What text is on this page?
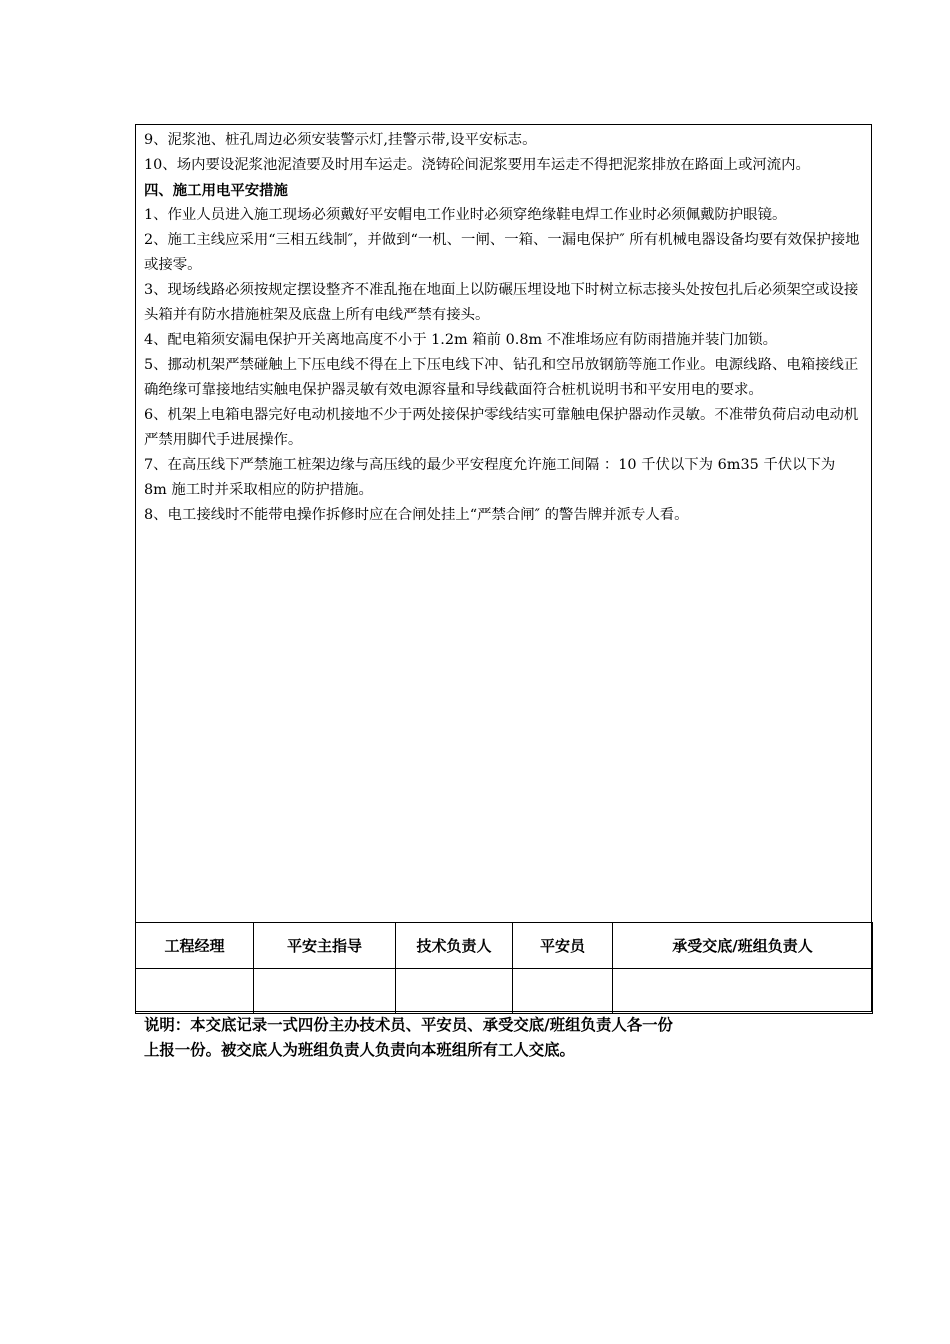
9、泥浆池、桩孔周边必须安装警示灯,挂警示带,设平安标志。

10、场内要设泥浆池泥渣要及时用车运走。浇铸砼间泥浆要用车运走不得把泥浆排放在路面上或河流内。

四、施工用电平安措施

1、作业人员进入施工现场必须戴好平安帽电工作业时必须穿绝缘鞋电焊工作业时必须佩戴防护眼镜。

2、施工主线应采用“三相五线制″，并做到“一机、一闸、一箱、一漏电保护″ 所有机械电器设备均要有效保护接地或接零。

3、现场线路必须按规定摆设整齐不准乱拖在地面上以防碾压埋设地下时树立标志接头处按包扎后必须架空或设接头箱并有防水措施桩架及底盘上所有电线严禁有接头。

4、配电箱须安漏电保护开关离地高度不小于 1.2m 箱前 0.8m 不准堆场应有防雨措施并装门加锁。

5、挪动机架严禁碰触上下压电线不得在上下压电线下冲、钻孔和空吊放钢筋等施工作业。电源线路、电箱接线正确绝缘可靠接地结实触电保护器灵敏有效电源容量和导线截面符合桩机说明书和平安用电的要求。

6、机架上电箱电器完好电动机接地不少于两处接保护零线结实可靠触电保护器动作灵敏。不准带负荷启动电动机严禁用脚代手进展操作。

7、在高压线下严禁施工桩架边缘与高压线的最少平安程度允许施工间隔 ：10 千伏以下为 6m35 千伏以下为 8m 施工时并采取相应的防护措施。

8、电工接线时不能带电操作拆修时应在合闸处挂上“严禁合闸″ 的警告牌并派专人看。

工程经理	平安主指导	技术负责人	平安员	承受交底/班组负责人

说明：本交底记录一式四份主办技术员、平安员、承受交底/班组负责人各一份

上报一份。被交底人为班组负责人负责向本班组所有工人交底。
